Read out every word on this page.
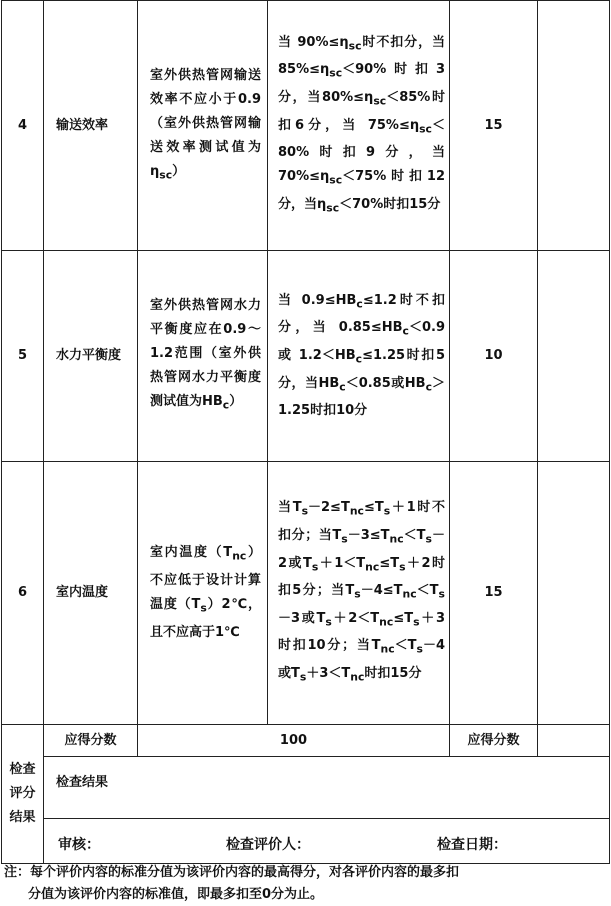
4	输送效率	室外供热管网输送效率不应小于0.9（室外供热管网输送效率测试值为$\eta_{sc}$）	当 $90\%\le\eta_{sc}$时不扣分，当 $85\%\le\eta_{sc}<90\%$时扣3分，当$80\%\le\eta_{sc}<85\%$时扣6分，当 $75\%\le\eta_{sc}<80\%$时扣9分，当$70\%\le\eta_{sc}<75\%$时扣12分，当$\eta_{sc}<70\%$时扣15分	15	
5	水力平衡度	室外供热管网水力平衡度应在0.9～1.2范围（室外供热管网水力平衡度测试值为$HB_c$）	当 $0.9\le HB_c\le 1.2$时不扣分，当 $0.85\le HB_c<0.9$ 或 $1.2<HB_c\le 1.25$时扣5分，当$HB_c<0.85$或$HB_c>1.25$时扣10分	10	
6	室内温度	室内温度$(T_{nc})$不应低于设计计算温度$(T_s)2℃$，且不应高于1℃	当$T_s-2\le T_{nc}\le T_s+1$时不扣分；当$T_s-3\le T_{nc}<T_s-2$或$T_s+1<T_{nc}\le T_s+2$时扣5分；当$T_s-4\le T_{nc}<T_s-3$或$T_s+2<T_{nc}\le T_s+3$时扣10分；当$T_{nc}<T_s-4$或$T_s+3<T_{nc}$时扣15分	15	

检查
评分
结果	应得分数	100		应得分数	
	检查结果				

	审核： 检查评价人： 检查日期：				
注：每个评价内容的标准分值为该评价内容的最高得分，对各评价内容的最多扣
分值为该评价内容的标准值，即最多扣至0分为止。
